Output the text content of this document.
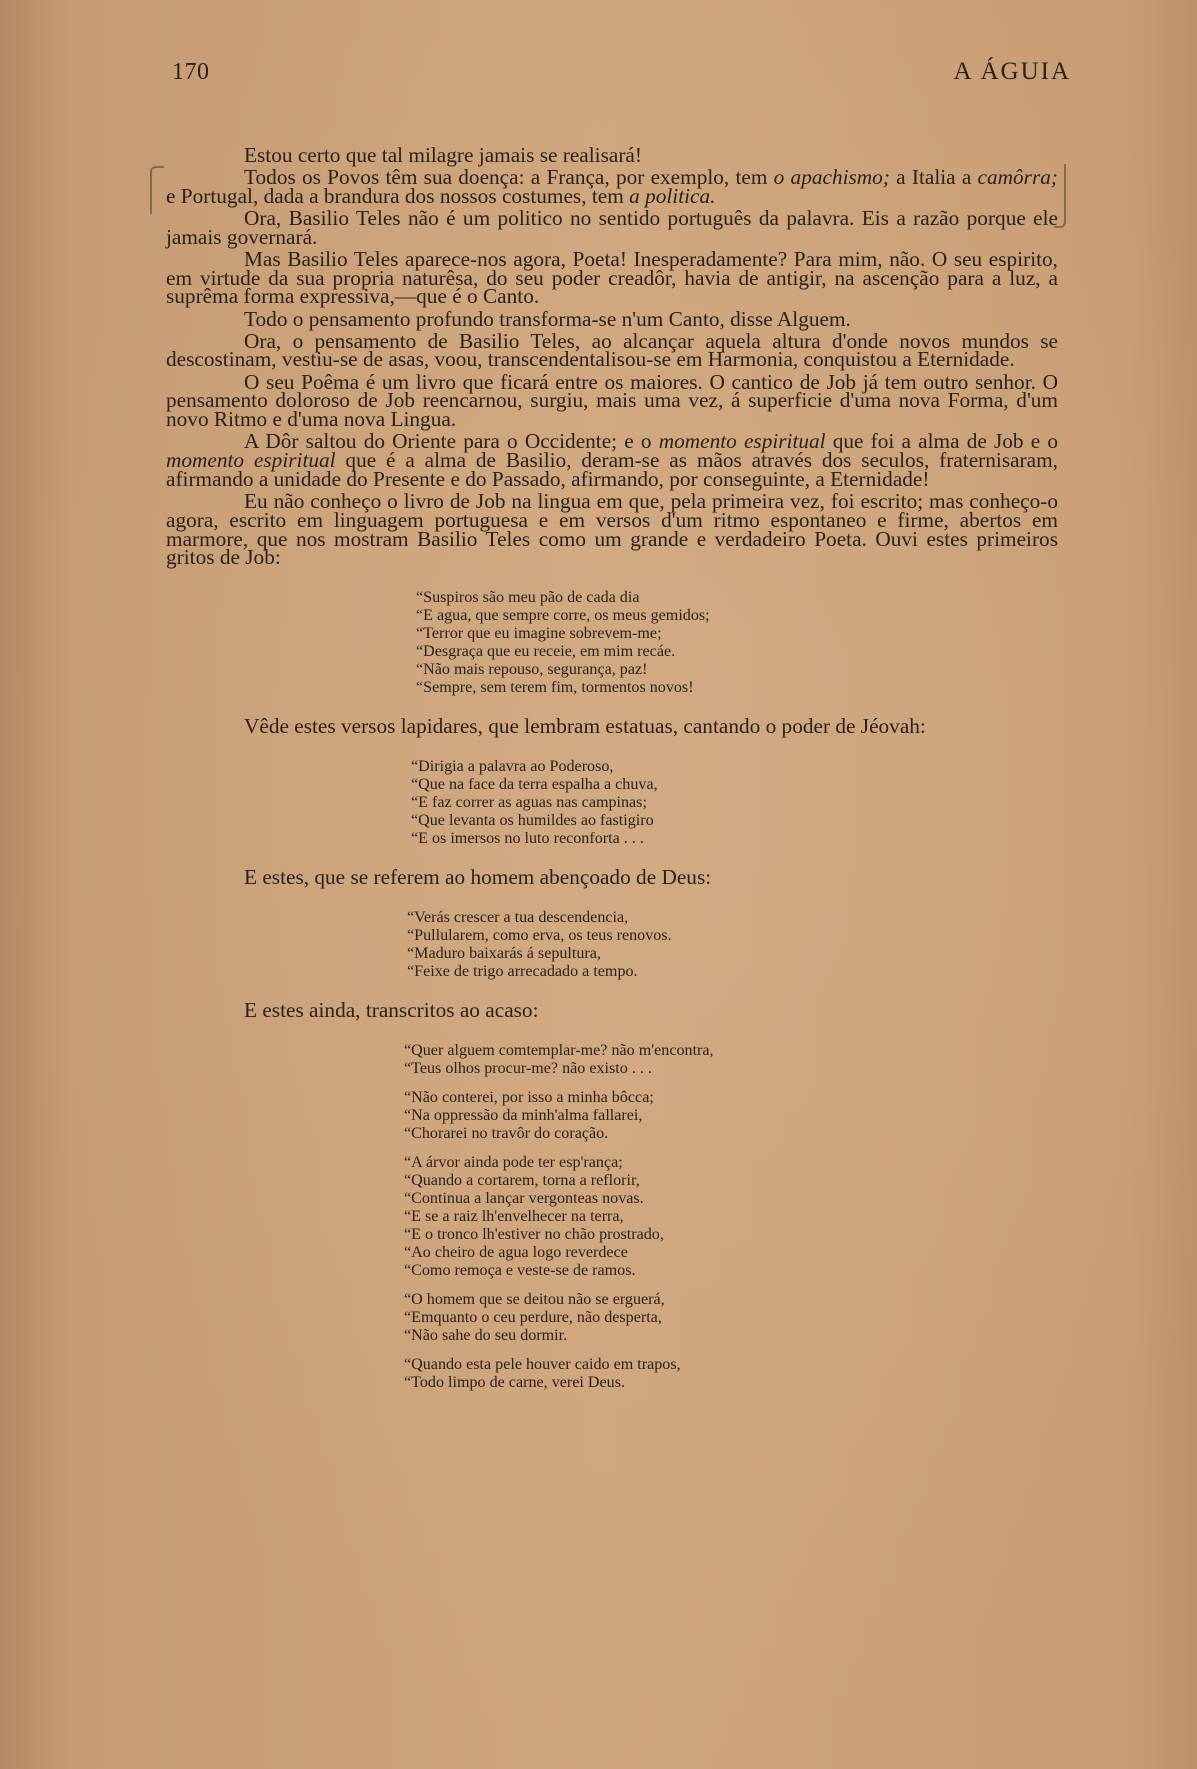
170	A ÁGUIA

Estou certo que tal milagre jamais se realisará!

Todos os Povos têm sua doença: a França, por exemplo, tem o apachismo; a Italia a camôrra; e Portugal, dada a brandura dos nossos costumes, tem a politica.

Ora, Basilio Teles não é um politico no sentido português da palavra. Eis a razão porque ele jamais governará.

Mas Basilio Teles aparece-nos agora, Poeta! Inesperadamente? Para mim, não. O seu espirito, em virtude da sua propria naturêsa, do seu poder creadôr, havia de antigir, na ascenção para a luz, a suprêma forma expressiva,—que é o Canto.

Todo o pensamento profundo transforma-se n'um Canto, disse Alguem.

Ora, o pensamento de Basilio Teles, ao alcançar aquela altura d'onde novos mundos se descostinam, vestiu-se de asas, voou, transcendentalisou-se em Harmonia, conquistou a Eternidade.

O seu Poêma é um livro que ficará entre os maiores. O cantico de Job já tem outro senhor. O pensamento doloroso de Job reencarnou, surgiu, mais uma vez, á superficie d'uma nova Forma, d'um novo Ritmo e d'uma nova Lingua.

A Dôr saltou do Oriente para o Occidente; e o momento espiritual que foi a alma de Job e o momento espiritual que é a alma de Basilio, deram-se as mãos através dos seculos, fraternisaram, afirmando a unidade do Presente e do Passado, afirmando, por conseguinte, a Eternidade!

Eu não conheço o livro de Job na lingua em que, pela primeira vez, foi escrito; mas conheço-o agora, escrito em linguagem portuguesa e em versos d'um ritmo espontaneo e firme, abertos em marmore, que nos mostram Basilio Teles como um grande e verdadeiro Poeta. Ouvi estes primeiros gritos de Job:

“Suspiros são meu pão de cada dia
“E agua, que sempre corre, os meus gemidos;
“Terror que eu imagine sobrevem-me;
“Desgraça que eu receie, em mim recáe.
“Não mais repouso, segurança, paz!
“Sempre, sem terem fim, tormentos novos!

Vêde estes versos lapidares, que lembram estatuas, cantando o poder de Jéovah:

“Dirigia a palavra ao Poderoso,
“Que na face da terra espalha a chuva,
“E faz correr as aguas nas campinas;
“Que levanta os humildes ao fastigiro
“E os imersos no luto reconforta . . .

E estes, que se referem ao homem abençoado de Deus:

“Verás crescer a tua descendencia,
“Pullularem, como erva, os teus renovos.
“Maduro baixarás á sepultura,
“Feixe de trigo arrecadado a tempo.

E estes ainda, transcritos ao acaso:

“Quer alguem comtemplar-me? não m'encontra,
“Teus olhos procur-me? não existo . . .
“Não conterei, por isso a minha bôcca;
“Na oppressão da minh'alma fallarei,
“Chorarei no travôr do coração.
“A árvor ainda pode ter esp'rança;
“Quando a cortarem, torna a reflorir,
“Continua a lançar vergonteas novas.
“E se a raiz lh'envelhecer na terra,
“E o tronco lh'estiver no chão prostrado,
“Ao cheiro de agua logo reverdece
“Como remoça e veste-se de ramos.
“O homem que se deitou não se erguerá,
“Emquanto o ceu perdure, não desperta,
“Não sahe do seu dormir.
“Quando esta pele houver caido em trapos,
“Todo limpo de carne, verei Deus.
